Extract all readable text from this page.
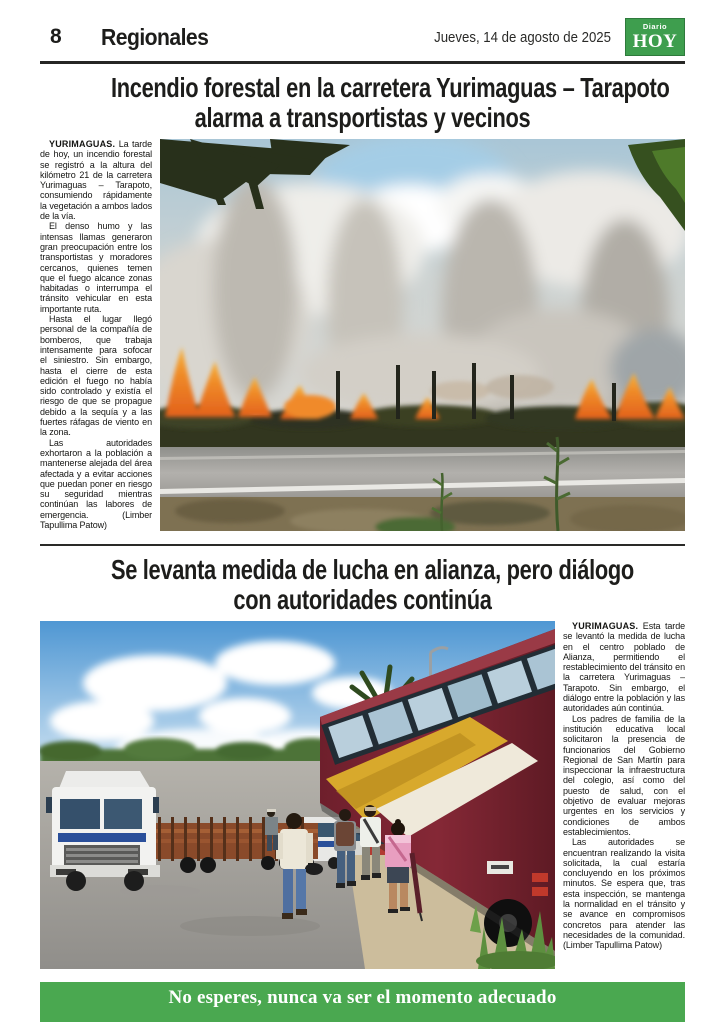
8 Regionales	Jueves, 14 de agosto de 2025
Diario
HOY
Incendio forestal en la carretera Yurimaguas – Tarapoto
alarma a transportistas y vecinos

YURIMAGUAS. La tarde de hoy, un incendio forestal se registró a la altura del kilómetro 21 de la carretera Yurimaguas – Tarapoto, consumiendo rápidamente la vegetación a ambos lados de la vía.

El denso humo y las intensas llamas generaron gran preocupación entre los transportistas y moradores cercanos, quienes temen que el fuego alcance zonas habitadas o interrumpa el tránsito vehicular en esta importante ruta.

Hasta el lugar llegó personal de la compañía de bomberos, que trabaja intensamente para sofocar el siniestro. Sin embargo, hasta el cierre de esta edición el fuego no había sido controlado y existía el riesgo de que se propague debido a la sequía y a las fuertes ráfagas de viento en la zona.

Las autoridades exhortaron a la población a mantenerse alejada del área afectada y a evitar acciones que puedan poner en riesgo su seguridad mientras continúan las labores de emergencia. (Limber Tapullima Patow)

Se levanta medida de lucha en alianza, pero diálogo
con autoridades continúa

YURIMAGUAS. Esta tarde se levantó la medida de lucha en el centro poblado de Alianza, permitiendo el restablecimiento del tránsito en la carretera Yurimaguas – Tarapoto. Sin embargo, el diálogo entre la población y las autoridades aún continúa.

Los padres de familia de la institución educativa local solicitaron la presencia de funcionarios del Gobierno Regional de San Martín para inspeccionar la infraestructura del colegio, así como del puesto de salud, con el objetivo de evaluar mejoras urgentes en los servicios y condiciones de ambos establecimientos.

Las autoridades se encuentran realizando la visita solicitada, la cual estaría concluyendo en los próximos minutos. Se espera que, tras esta inspección, se mantenga la normalidad en el tránsito y se avance en compromisos concretos para atender las necesidades de la comunidad. (Limber Tapullima Patow)

No esperes, nunca va ser el momento adecuado
